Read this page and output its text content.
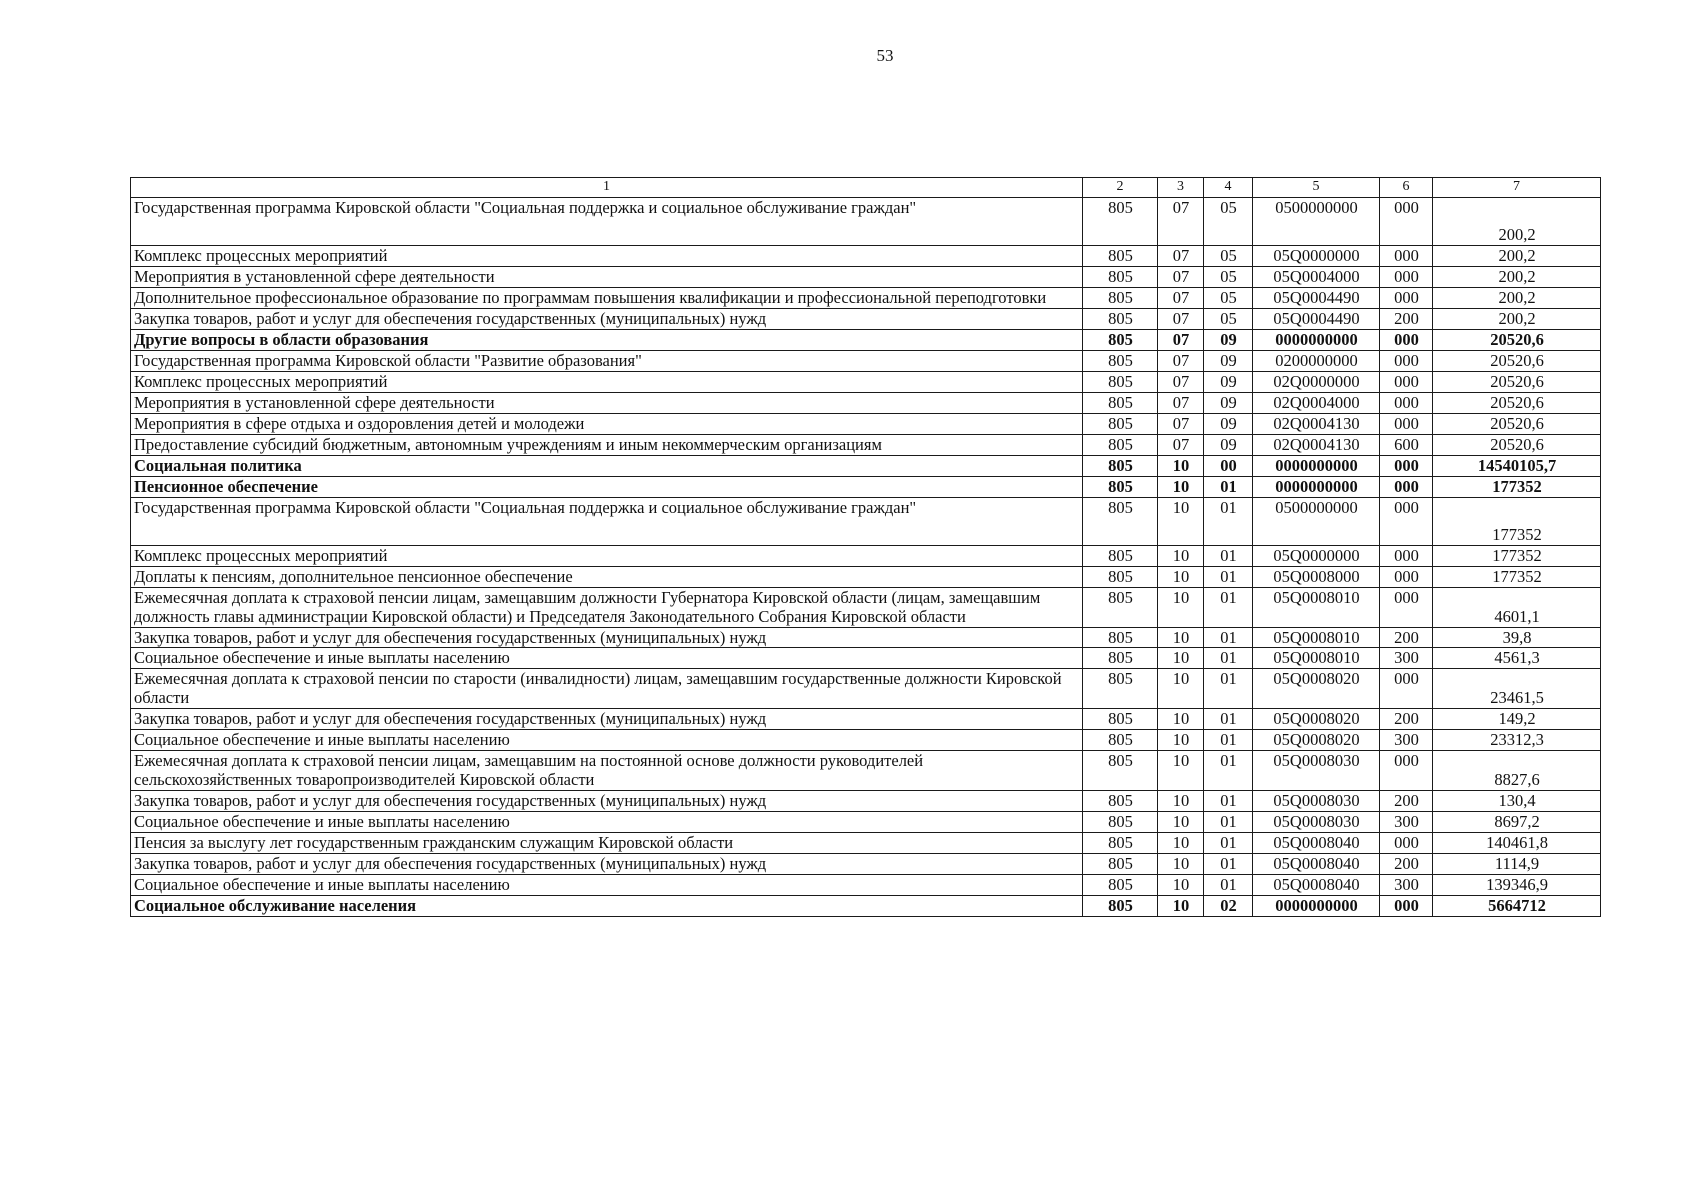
53
1	2	3	4	5	6	7
Государственная программа Кировской области "Социальная поддержка и социальное обслуживание граждан"	805	07	05	0500000000	000	200,2
Комплекс процессных мероприятий	805	07	05	05Q0000000	000	200,2
Мероприятия в установленной сфере деятельности	805	07	05	05Q0004000	000	200,2
Дополнительное профессиональное образование по программам повышения квалификации и профессиональной переподготовки	805	07	05	05Q0004490	000	200,2
Закупка товаров, работ и услуг для обеспечения государственных (муниципальных) нужд	805	07	05	05Q0004490	200	200,2
Другие вопросы в области образования	805	07	09	0000000000	000	20520,6
Государственная программа Кировской области "Развитие образования"	805	07	09	0200000000	000	20520,6
Комплекс процессных мероприятий	805	07	09	02Q0000000	000	20520,6
Мероприятия в установленной сфере деятельности	805	07	09	02Q0004000	000	20520,6
Мероприятия в сфере отдыха и оздоровления детей и молодежи	805	07	09	02Q0004130	000	20520,6
Предоставление субсидий бюджетным, автономным учреждениям и иным некоммерческим организациям	805	07	09	02Q0004130	600	20520,6
Социальная политика	805	10	00	0000000000	000	14540105,7
Пенсионное обеспечение	805	10	01	0000000000	000	177352
Государственная программа Кировской области "Социальная поддержка и социальное обслуживание граждан"	805	10	01	0500000000	000	177352
Комплекс процессных мероприятий	805	10	01	05Q0000000	000	177352
Доплаты к пенсиям, дополнительное пенсионное обеспечение	805	10	01	05Q0008000	000	177352
Ежемесячная доплата к страховой пенсии лицам, замещавшим должности Губернатора Кировской области (лицам, замещавшим должность главы администрации Кировской области) и Председателя Законодательного Собрания Кировской области	805	10	01	05Q0008010	000	4601,1
Закупка товаров, работ и услуг для обеспечения государственных (муниципальных) нужд	805	10	01	05Q0008010	200	39,8
Социальное обеспечение и иные выплаты населению	805	10	01	05Q0008010	300	4561,3
Ежемесячная доплата к страховой пенсии по старости (инвалидности) лицам, замещавшим государственные должности Кировской области	805	10	01	05Q0008020	000	23461,5
Закупка товаров, работ и услуг для обеспечения государственных (муниципальных) нужд	805	10	01	05Q0008020	200	149,2
Социальное обеспечение и иные выплаты населению	805	10	01	05Q0008020	300	23312,3
Ежемесячная доплата к страховой пенсии лицам, замещавшим на постоянной основе должности руководителей сельскохозяйственных товаропроизводителей Кировской области	805	10	01	05Q0008030	000	8827,6
Закупка товаров, работ и услуг для обеспечения государственных (муниципальных) нужд	805	10	01	05Q0008030	200	130,4
Социальное обеспечение и иные выплаты населению	805	10	01	05Q0008030	300	8697,2
Пенсия за выслугу лет государственным гражданским служащим Кировской области	805	10	01	05Q0008040	000	140461,8
Закупка товаров, работ и услуг для обеспечения государственных (муниципальных) нужд	805	10	01	05Q0008040	200	1114,9
Социальное обеспечение и иные выплаты населению	805	10	01	05Q0008040	300	139346,9
Социальное обслуживание населения	805	10	02	0000000000	000	5664712
